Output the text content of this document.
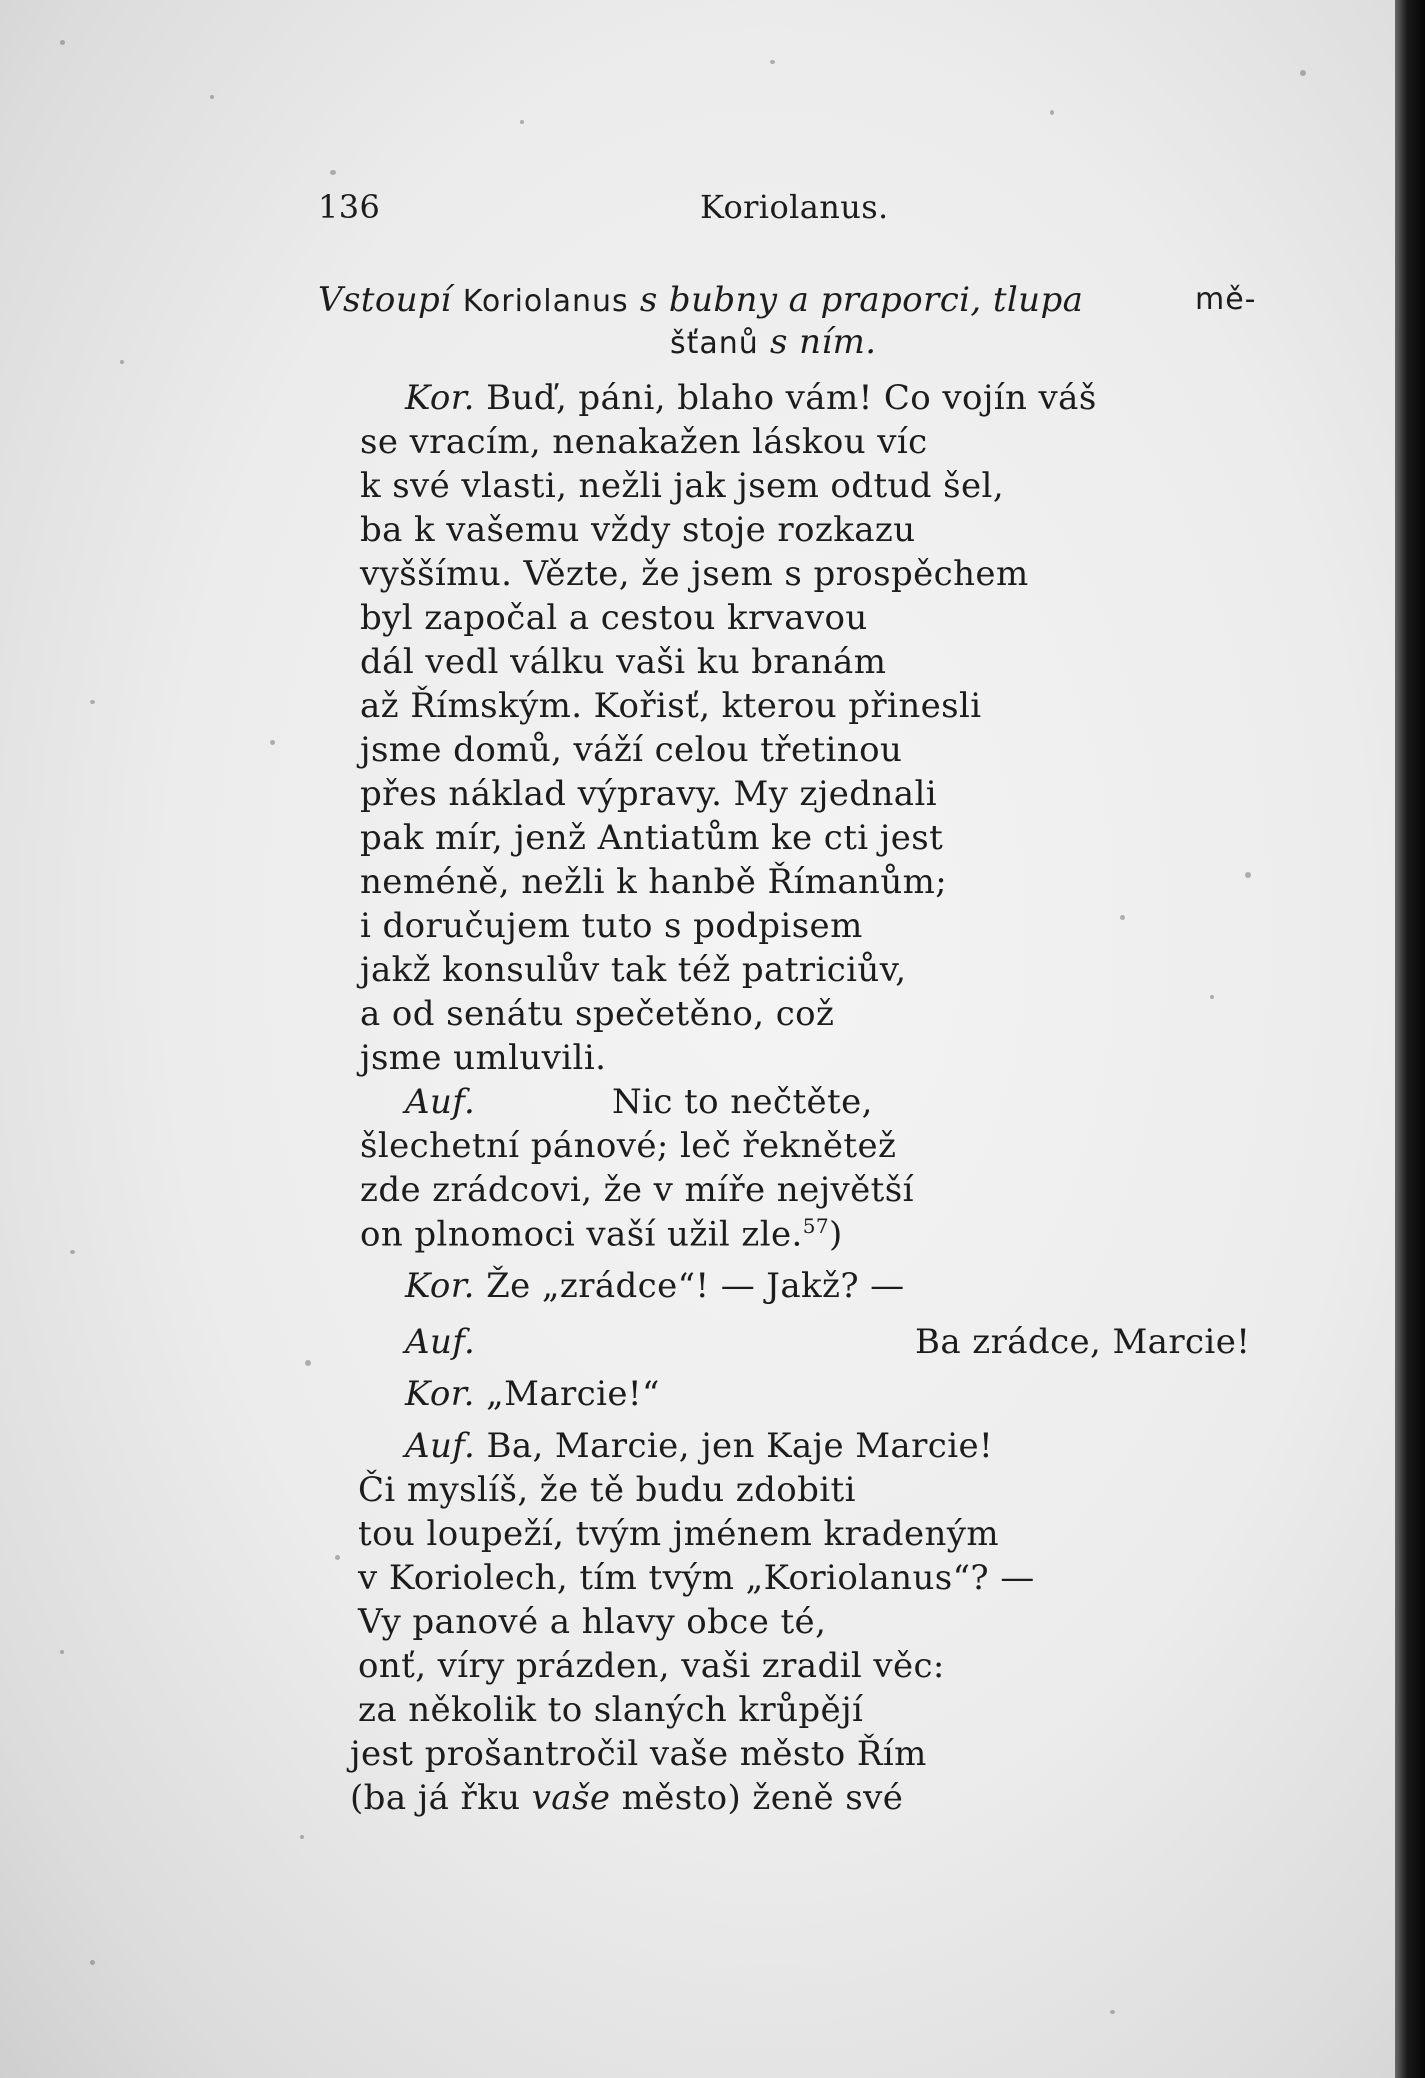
136	Koriolanus.
Vstoupí Koriolanus s bubny a praporci, tlupa	mě-
šťanů s ním.
Kor. Buď, páni, blaho vám! Co vojín váš
se vracím, nenakažen láskou víc
k své vlasti, nežli jak jsem odtud šel,
ba k vašemu vždy stoje rozkazu
vyššímu. Vězte, že jsem s prospěchem
byl započal a cestou krvavou
dál vedl válku vaši ku branám
až Římským. Kořisť, kterou přinesli
jsme domů, váží celou třetinou
přes náklad výpravy. My zjednali
pak mír, jenž Antiatům ke cti jest
neméně, nežli k hanbě Římanům;
i doručujem tuto s podpisem
jakž konsulův tak též patriciův,
a od senátu spečetěno, což
jsme umluvili.
Auf.	Nic to nečtěte,
šlechetní pánové; leč řeknětež
zde zrádcovi, že v míře největší
on plnomoci vaší užil zle.$^{57}$)
Kor. Že „zrádce“! — Jakž? —
Auf.	Ba zrádce, Marcie!
Kor. „Marcie!“
Auf. Ba, Marcie, jen Kaje Marcie!
Či myslíš, že tě budu zdobiti
tou loupeží, tvým jménem kradeným
v Koriolech, tím tvým „Koriolanus“? —
Vy panové a hlavy obce té,
onť, víry prázden, vaši zradil věc:
za několik to slaných krůpějí
jest prošantročil vaše město Řím
(ba já řku vaše město) ženě své
